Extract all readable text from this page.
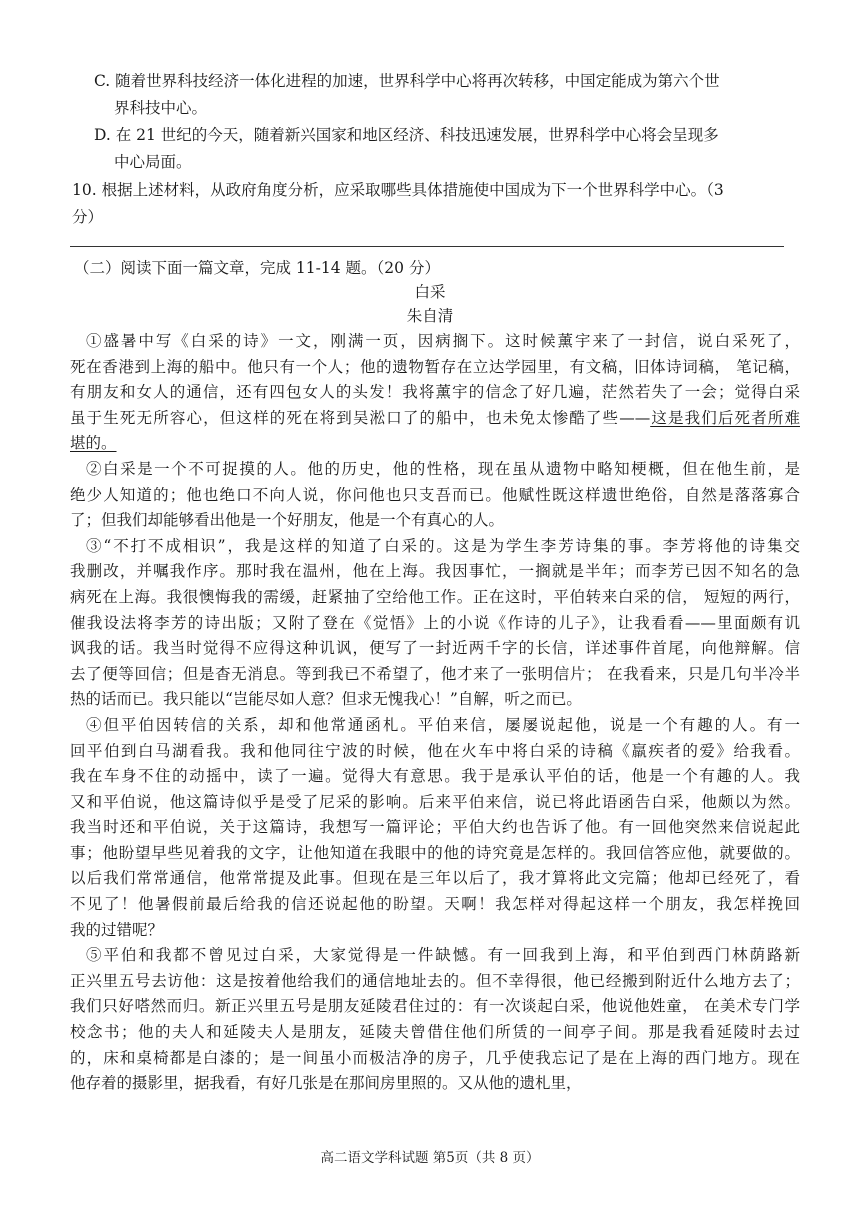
C. 随着世界科技经济一体化进程的加速，世界科学中心将再次转移，中国定能成为第六个世
界科技中心。
D. 在 21 世纪的今天，随着新兴国家和地区经济、科技迅速发展，世界科学中心将会呈现多
中心局面。
10. 根据上述材料，从政府角度分析，应采取哪些具体措施使中国成为下一个世界科学中心。（3
分）
（二）阅读下面一篇文章，完成 11-14 题。（20 分）
白采
朱自清
①盛暑中写《白采的诗》一文，刚满一页，因病搁下。这时候薰宇来了一封信，说白采死了，
死在香港到上海的船中。他只有一个人；他的遗物暂存在立达学园里，有文稿，旧体诗词稿， 笔记稿，
有朋友和女人的通信，还有四包女人的头发！我将薰宇的信念了好几遍，茫然若失了一会；觉得白采
虽于生死无所容心，但这样的死在将到吴淞口了的船中，也未免太惨酷了些——这是我们后死者所难
堪的。
②白采是一个不可捉摸的人。他的历史，他的性格，现在虽从遗物中略知梗概，但在他生前，是
绝少人知道的；他也绝口不向人说，你问他也只支吾而已。他赋性既这样遗世绝俗，自然是落落寡合
了；但我们却能够看出他是一个好朋友，他是一个有真心的人。
③“不打不成相识”，我是这样的知道了白采的。这是为学生李芳诗集的事。李芳将他的诗集交
我删改，并嘱我作序。那时我在温州，他在上海。我因事忙，一搁就是半年；而李芳已因不知名的急
病死在上海。我很懊悔我的需缓，赶紧抽了空给他工作。正在这时，平伯转来白采的信， 短短的两行，
催我设法将李芳的诗出版；又附了登在《觉悟》上的小说《作诗的儿子》，让我看看——里面颇有讥
讽我的话。我当时觉得不应得这种讥讽，便写了一封近两千字的长信，详述事件首尾，向他辩解。信
去了便等回信；但是杳无消息。等到我已不希望了，他才来了一张明信片； 在我看来，只是几句半冷半
热的话而已。我只能以“岂能尽如人意？但求无愧我心！”自解，听之而已。
④但平伯因转信的关系，却和他常通函札。平伯来信，屡屡说起他，说是一个有趣的人。有一
回平伯到白马湖看我。我和他同往宁波的时候，他在火车中将白采的诗稿《羸疾者的爱》给我看。
我在车身不住的动摇中，读了一遍。觉得大有意思。我于是承认平伯的话，他是一个有趣的人。我
又和平伯说，他这篇诗似乎是受了尼采的影响。后来平伯来信，说已将此语函告白采，他颇以为然。
我当时还和平伯说，关于这篇诗，我想写一篇评论；平伯大约也告诉了他。有一回他突然来信说起此
事；他盼望早些见着我的文字，让他知道在我眼中的他的诗究竟是怎样的。我回信答应他，就要做的。
以后我们常常通信，他常常提及此事。但现在是三年以后了，我才算将此文完篇；他却已经死了，看
不见了！他暑假前最后给我的信还说起他的盼望。天啊！我怎样对得起这样一个朋友，我怎样挽回
我的过错呢？
⑤平伯和我都不曾见过白采，大家觉得是一件缺憾。有一回我到上海，和平伯到西门林荫路新
正兴里五号去访他：这是按着他给我们的通信地址去的。但不幸得很，他已经搬到附近什么地方去了；
我们只好嗒然而归。新正兴里五号是朋友延陵君住过的：有一次谈起白采，他说他姓童， 在美术专门学
校念书；他的夫人和延陵夫人是朋友，延陵夫曾借住他们所赁的一间亭子间。那是我看延陵时去过
的，床和桌椅都是白漆的；是一间虽小而极洁净的房子，几乎使我忘记了是在上海的西门地方。现在
他存着的摄影里，据我看，有好几张是在那间房里照的。又从他的遗札里，
高二语文学科试题 第5页（共 8 页）
